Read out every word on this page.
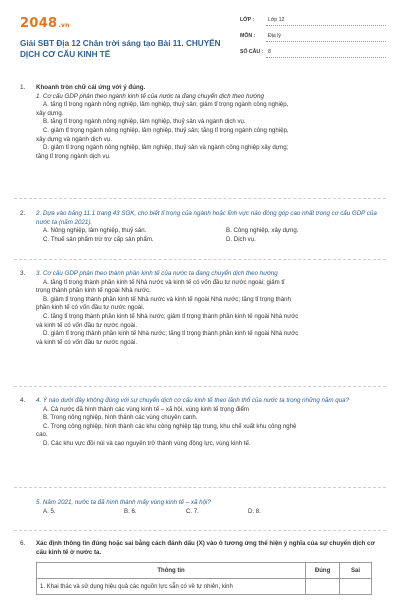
2048.vn
Giải SBT Địa 12 Chân trời sáng tạo Bài 11. CHUYỂN DỊCH CƠ CẤU KINH TẾ
LỚP :	Lớp 12
MÔN : Địa lý
SỐ CÂU : 8
1. Khoanh tròn chữ cái ứng với ý đúng.
1. Cơ cấu GDP phân theo ngành kinh tế của nước ta đang chuyển dịch theo hướng
A. tăng tỉ trọng ngành nông nghiệp, lâm nghiệp, thuỷ sản; giảm tỉ trọng ngành công nghiệp,
xây dựng.
B. tăng tỉ trọng ngành nông nghiệp, lâm nghiệp, thuỷ sản và ngành dịch vụ.
C. giảm tỉ trọng ngành nông nghiệp, lâm nghiệp, thuỷ sản; tăng tỉ trọng ngành công nghiệp,
xây dựng và ngành dịch vụ.
D. giảm tỉ trọng ngành nông nghiệp, lâm nghiệp, thuỷ sản và ngành công nghiệp xây dựng;
tăng tỉ trọng ngành dịch vụ.
2. 2. Dựa vào bảng 11.1 trang 43 SGK, cho biết tỉ trọng của ngành hoặc lĩnh vực nào đóng góp cao nhất trong cơ cấu GDP của nước ta (năm 2021).
A. Nông nghiệp, lâm nghiệp, thuỷ sản.	B. Công nghiệp, xây dựng.
C. Thuế sản phẩm trừ trợ cấp sản phẩm.	D. Dịch vụ.
3. 3. Cơ cấu GDP phân theo thành phần kinh tế của nước ta đang chuyển dịch theo hướng
A. tăng tỉ trọng thành phần kinh tế Nhà nước và kinh tế có vốn đầu tư nước ngoài; giảm tỉ
trọng thành phần kinh tế ngoài Nhà nước.
B. giảm tỉ trọng thành phần kinh tế Nhà nước và kinh tế ngoài Nhà nước; tăng tỉ trọng thành
phần kinh tế có vốn đầu tư nước ngoài.
C. tăng tỉ trọng thành phần kinh tế Nhà nước; giảm tỉ trọng thành phần kinh tế ngoài Nhà nước
và kinh tế có vốn đầu tư nước ngoài.
D. giảm tỉ trọng thành phần kinh tế Nhà nước; tăng tỉ trọng thành phần kinh tế ngoài Nhà nước
và kinh tế có vốn đầu tư nước ngoài.
4. 4. Ý nào dưới đây không đúng với sự chuyển dịch cơ cấu kinh tế theo lãnh thổ của nước ta trong những năm qua?
A. Cả nước đã hình thành các vùng kinh tế – xã hội, vùng kinh tế trọng điểm
B. Trong nông nghiệp, hình thành các vùng chuyên canh.
C. Trong công nghiệp, hình thành các khu công nghiệp tập trung, khu chế xuất khu công nghệ
cao.
D. Các khu vực đồi núi và cao nguyên trở thành vùng động lực, vùng kinh tế.
5. Năm 2021, nước ta đã hình thành mấy vùng kinh tế – xã hội?
A. 5.	B. 6.	C. 7.	D. 8.
6. Xác định thông tin đúng hoặc sai bằng cách đánh dấu (X) vào ô tương ứng thể hiện ý nghĩa của sự chuyển dịch cơ cấu kinh tế ở nước ta.
Thông tin	Đúng	Sai
1. Khai thác và sử dụng hiệu quả các nguồn lực sẵn có về tự nhiên, kinh		
